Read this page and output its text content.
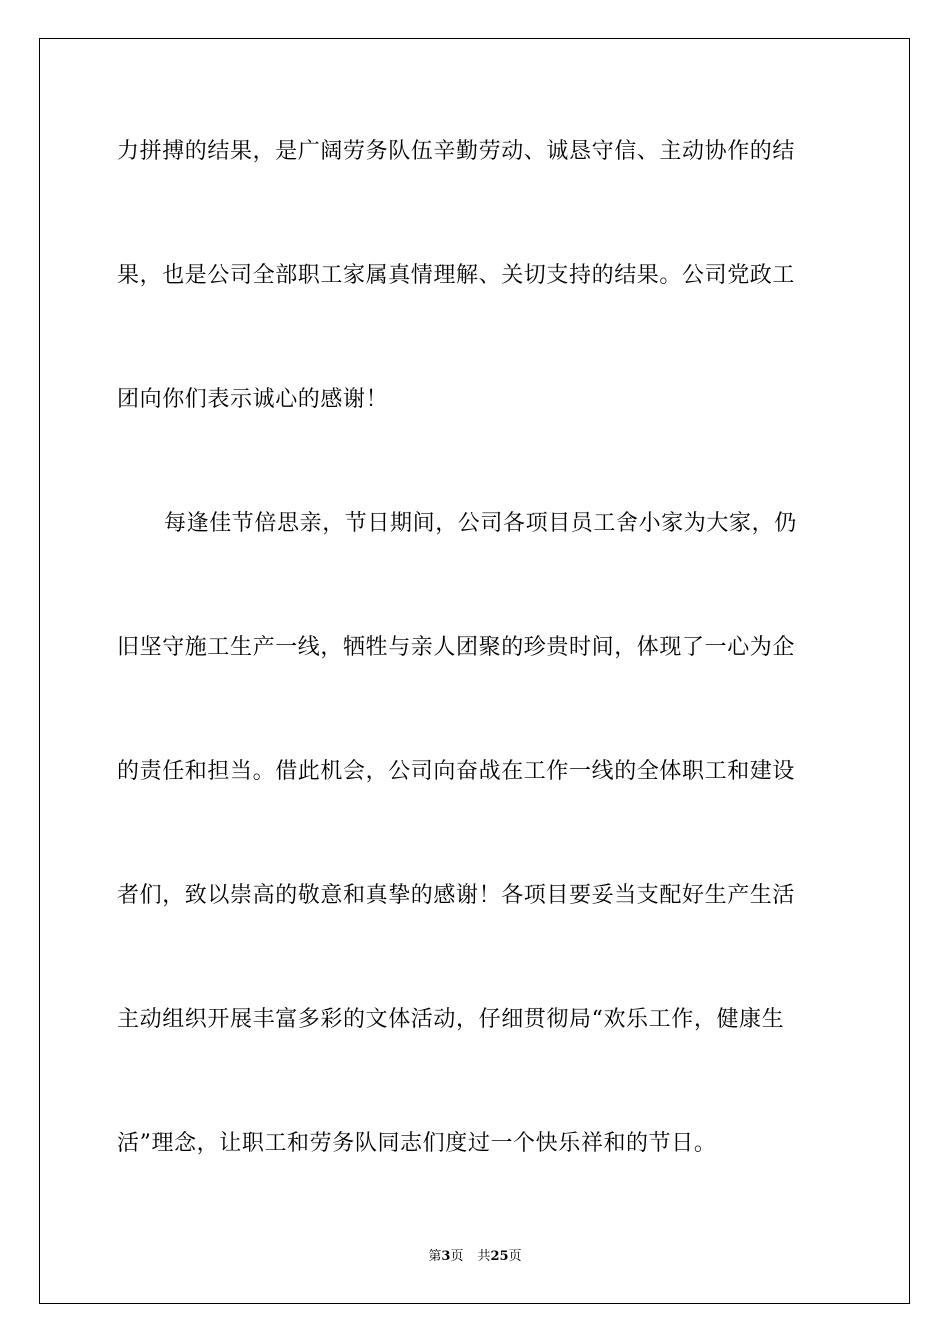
力拼搏的结果，是广阔劳务队伍辛勤劳动、诚恳守信、主动协作的结
果，也是公司全部职工家属真情理解、关切支持的结果。公司党政工
团向你们表示诚心的感谢！
每逢佳节倍思亲，节日期间，公司各项目员工舍小家为大家，仍
旧坚守施工生产一线，牺牲与亲人团聚的珍贵时间，体现了一心为企
的责任和担当。借此机会，公司向奋战在工作一线的全体职工和建设
者们，致以崇高的敬意和真挚的感谢！各项目要妥当支配好生产生活
主动组织开展丰富多彩的文体活动，仔细贯彻局“欢乐工作，健康生
活”理念，让职工和劳务队同志们度过一个快乐祥和的节日。
第3页 共25页
